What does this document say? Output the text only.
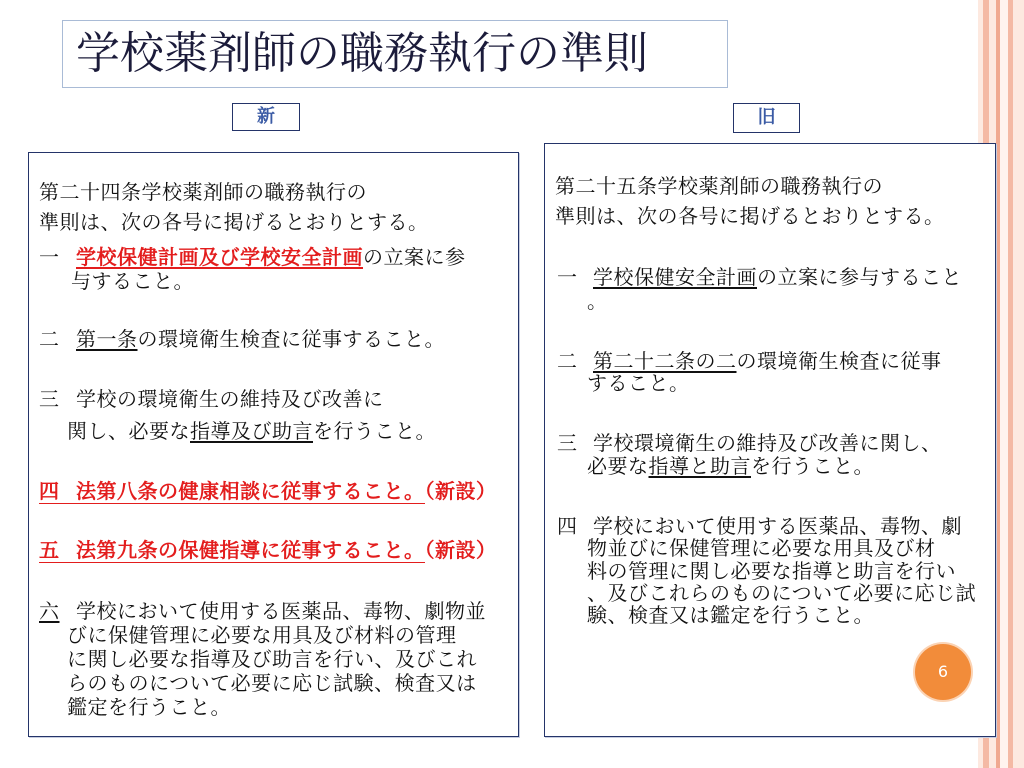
学校薬剤師の職務執行の準則
新	旧
第二十四条学校薬剤師の職務執行の
準則は、次の各号に掲げるとおりとする。
一 学校保健計画及び学校安全計画の立案に参
与すること。
二 第一条の環境衛生検査に従事すること。
三 学校の環境衛生の維持及び改善に
関し、必要な指導及び助言を行うこと。
四 法第八条の健康相談に従事すること。（新設）
五 法第九条の保健指導に従事すること。（新設）
六 学校において使用する医薬品、毒物、劇物並
びに保健管理に必要な用具及び材料の管理
に関し必要な指導及び助言を行い、及びこれ
らのものについて必要に応じ試験、検査又は
鑑定を行うこと。
第二十五条学校薬剤師の職務執行の
準則は、次の各号に掲げるとおりとする。
一 学校保健安全計画の立案に参与すること
。
二 第二十二条の二の環境衛生検査に従事
すること。
三 学校環境衛生の維持及び改善に関し、
必要な指導と助言を行うこと。
四 学校において使用する医薬品、毒物、劇
物並びに保健管理に必要な用具及び材
料の管理に関し必要な指導と助言を行い
、及びこれらのものについて必要に応じ試
験、検査又は鑑定を行うこと。
6
